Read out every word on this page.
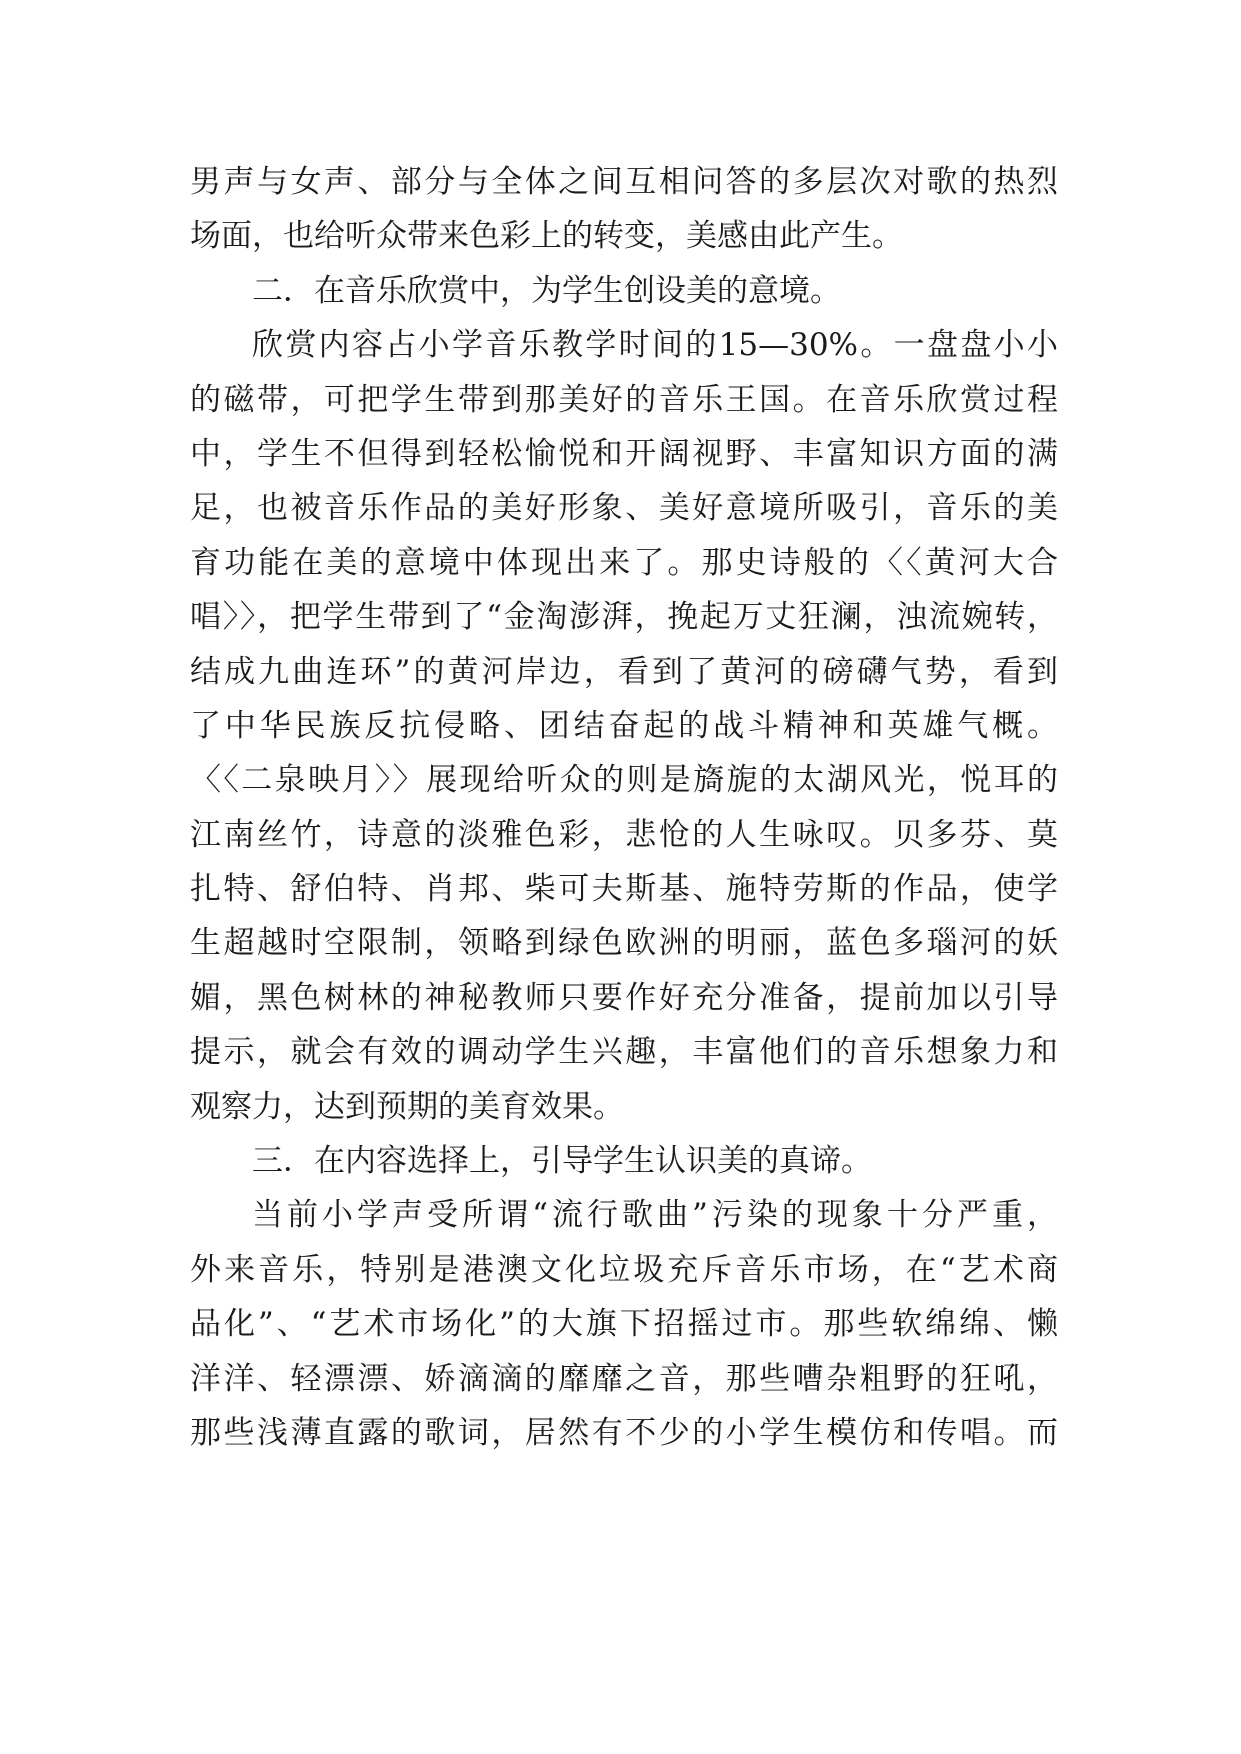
男声与女声、部分与全体之间互相问答的多层次对歌的热烈
场面，也给听众带来色彩上的转变，美感由此产生。
二．在音乐欣赏中，为学生创设美的意境。
欣赏内容占小学音乐教学时间的15—30%。一盘盘小小
的磁带，可把学生带到那美好的音乐王国。在音乐欣赏过程
中，学生不但得到轻松愉悦和开阔视野、丰富知识方面的满
足，也被音乐作品的美好形象、美好意境所吸引，音乐的美
育功能在美的意境中体现出来了。那史诗般的〈〈黄河大合
唱〉〉，把学生带到了“金淘澎湃，挽起万丈狂澜，浊流婉转，
结成九曲连环”的黄河岸边，看到了黄河的磅礴气势，看到
了中华民族反抗侵略、团结奋起的战斗精神和英雄气概。
〈〈二泉映月〉〉展现给听众的则是旖旎的太湖风光，悦耳的
江南丝竹，诗意的淡雅色彩，悲怆的人生咏叹。贝多芬、莫
扎特、舒伯特、肖邦、柴可夫斯基、施特劳斯的作品，使学
生超越时空限制，领略到绿色欧洲的明丽，蓝色多瑙河的妖
媚，黑色树林的神秘教师只要作好充分准备，提前加以引导
提示，就会有效的调动学生兴趣，丰富他们的音乐想象力和
观察力，达到预期的美育效果。
三．在内容选择上，引导学生认识美的真谛。
当前小学声受所谓“流行歌曲”污染的现象十分严重，
外来音乐，特别是港澳文化垃圾充斥音乐市场，在“艺术商
品化”、“艺术市场化”的大旗下招摇过市。那些软绵绵、懒
洋洋、轻漂漂、娇滴滴的靡靡之音，那些嘈杂粗野的狂吼，
那些浅薄直露的歌词，居然有不少的小学生模仿和传唱。而
